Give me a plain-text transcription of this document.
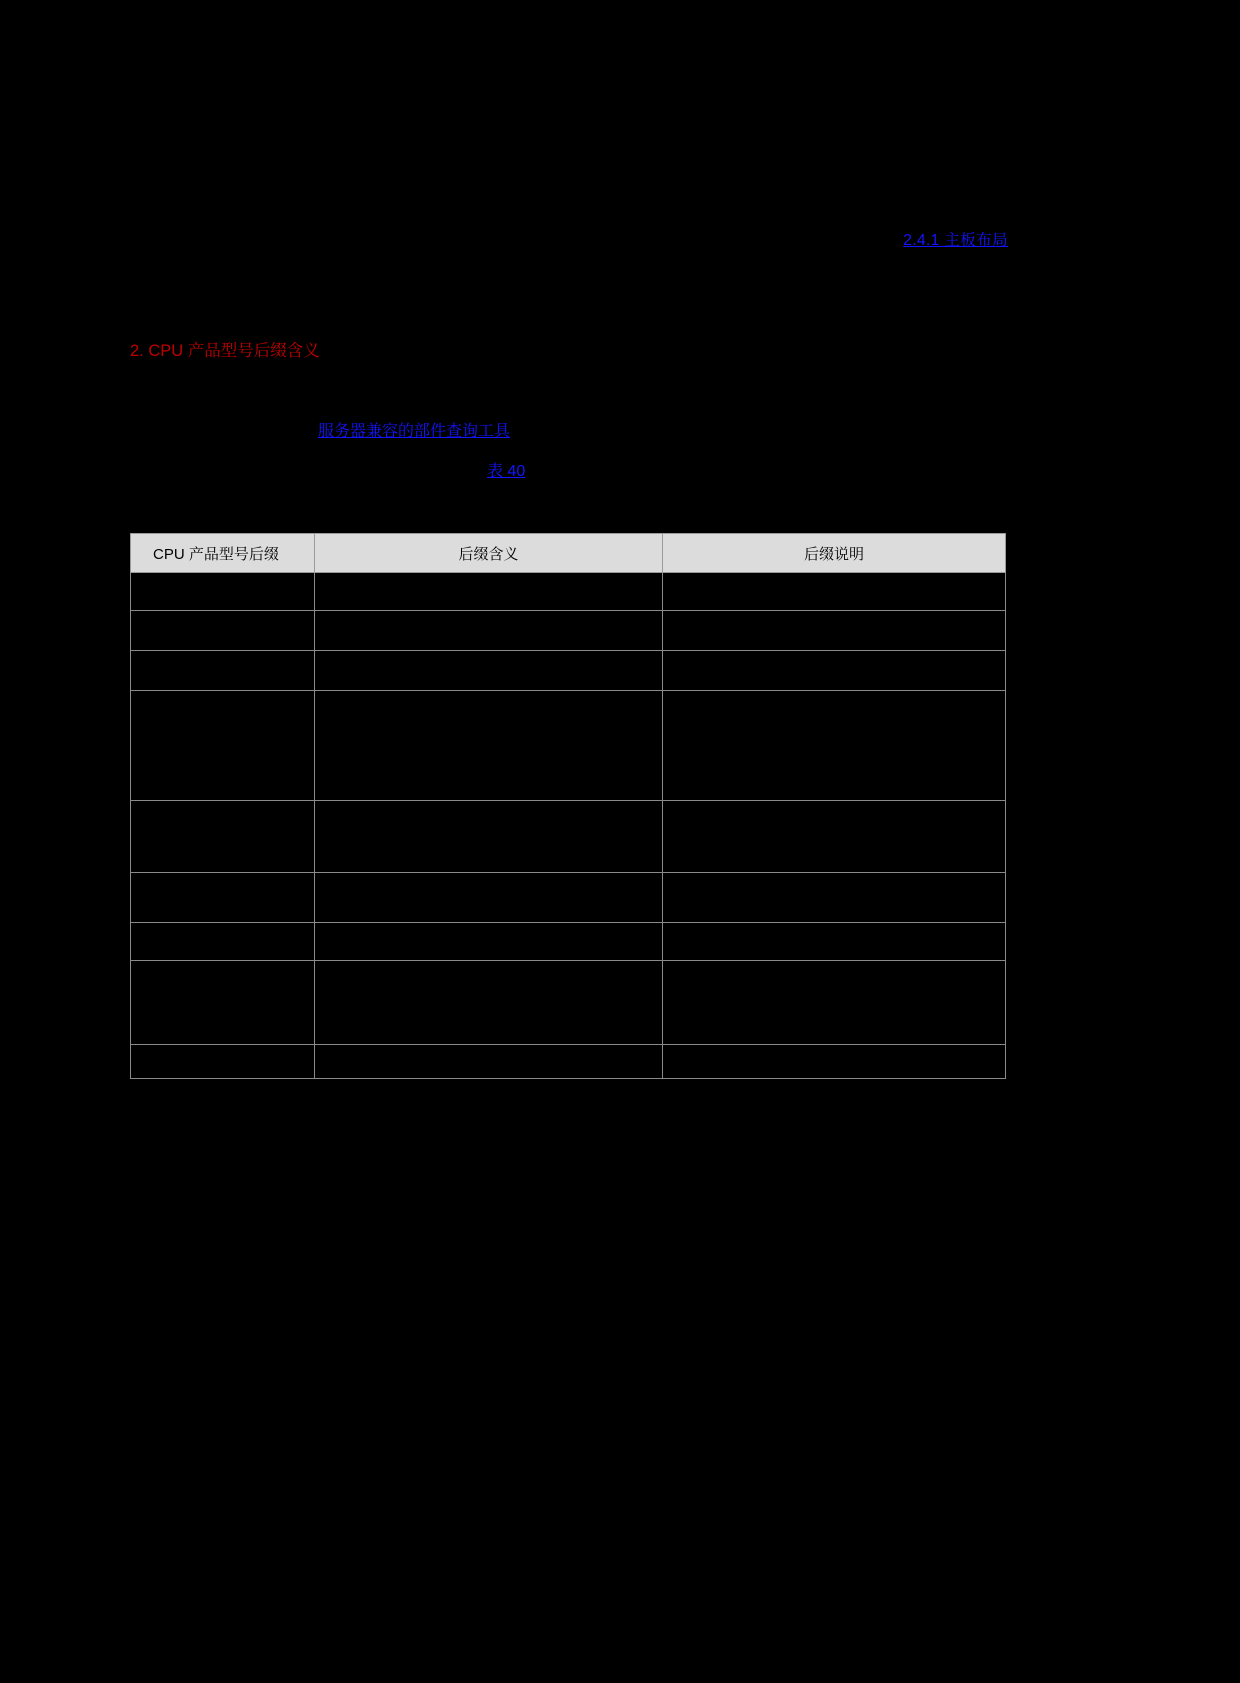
2.4.1 主板布局
2. CPU 产品型号后缀含义
服务器兼容的部件查询工具
表 40
CPU 产品型号后缀	后缀含义	后缀说明
